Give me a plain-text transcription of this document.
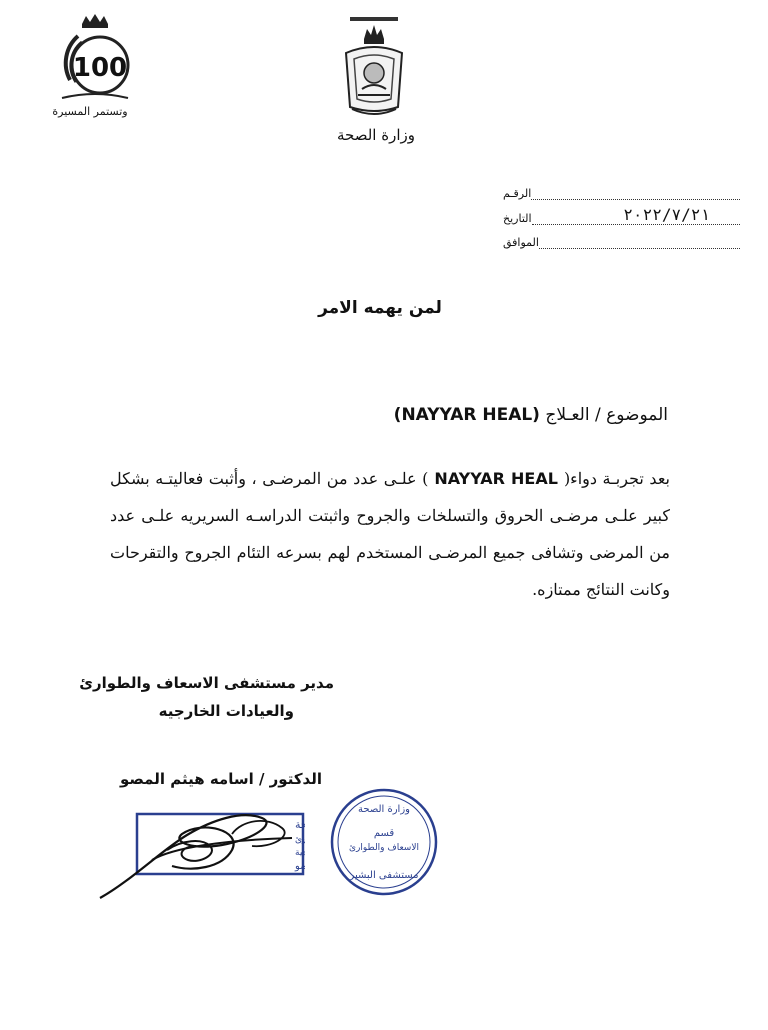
100
وتستمر المسيرة
وزارة الصحة
الرقـم
التاريخ	٢٠٢٢/٧/٢١
الموافق
لمن يهمه الامر
الموضوع / العـلاج (NAYYAR HEAL)
بعد تجربـة دواء( NAYYAR HEAL ) علـى عدد من المرضـى ، وأثبت فعاليتـه بشكل كبير علـى مرضـى الحروق والتسلخات والجروح واثبتت الدراسـه السريريه علـى عدد من المرضى وتشافى جميع المرضـى المستخدم لهم بسرعه التئام الجروح والتقرحات وكانت النتائج ممتازه.
مدير مستشفى الاسعاف والطوارئ
والعيادات الخارجيه
الدكتور / اسامه هيثم المصو
حة
رئ
ية
و
وزارة الصحة
قسم
الاسعاف والطوارئ
مستشفى البشير
